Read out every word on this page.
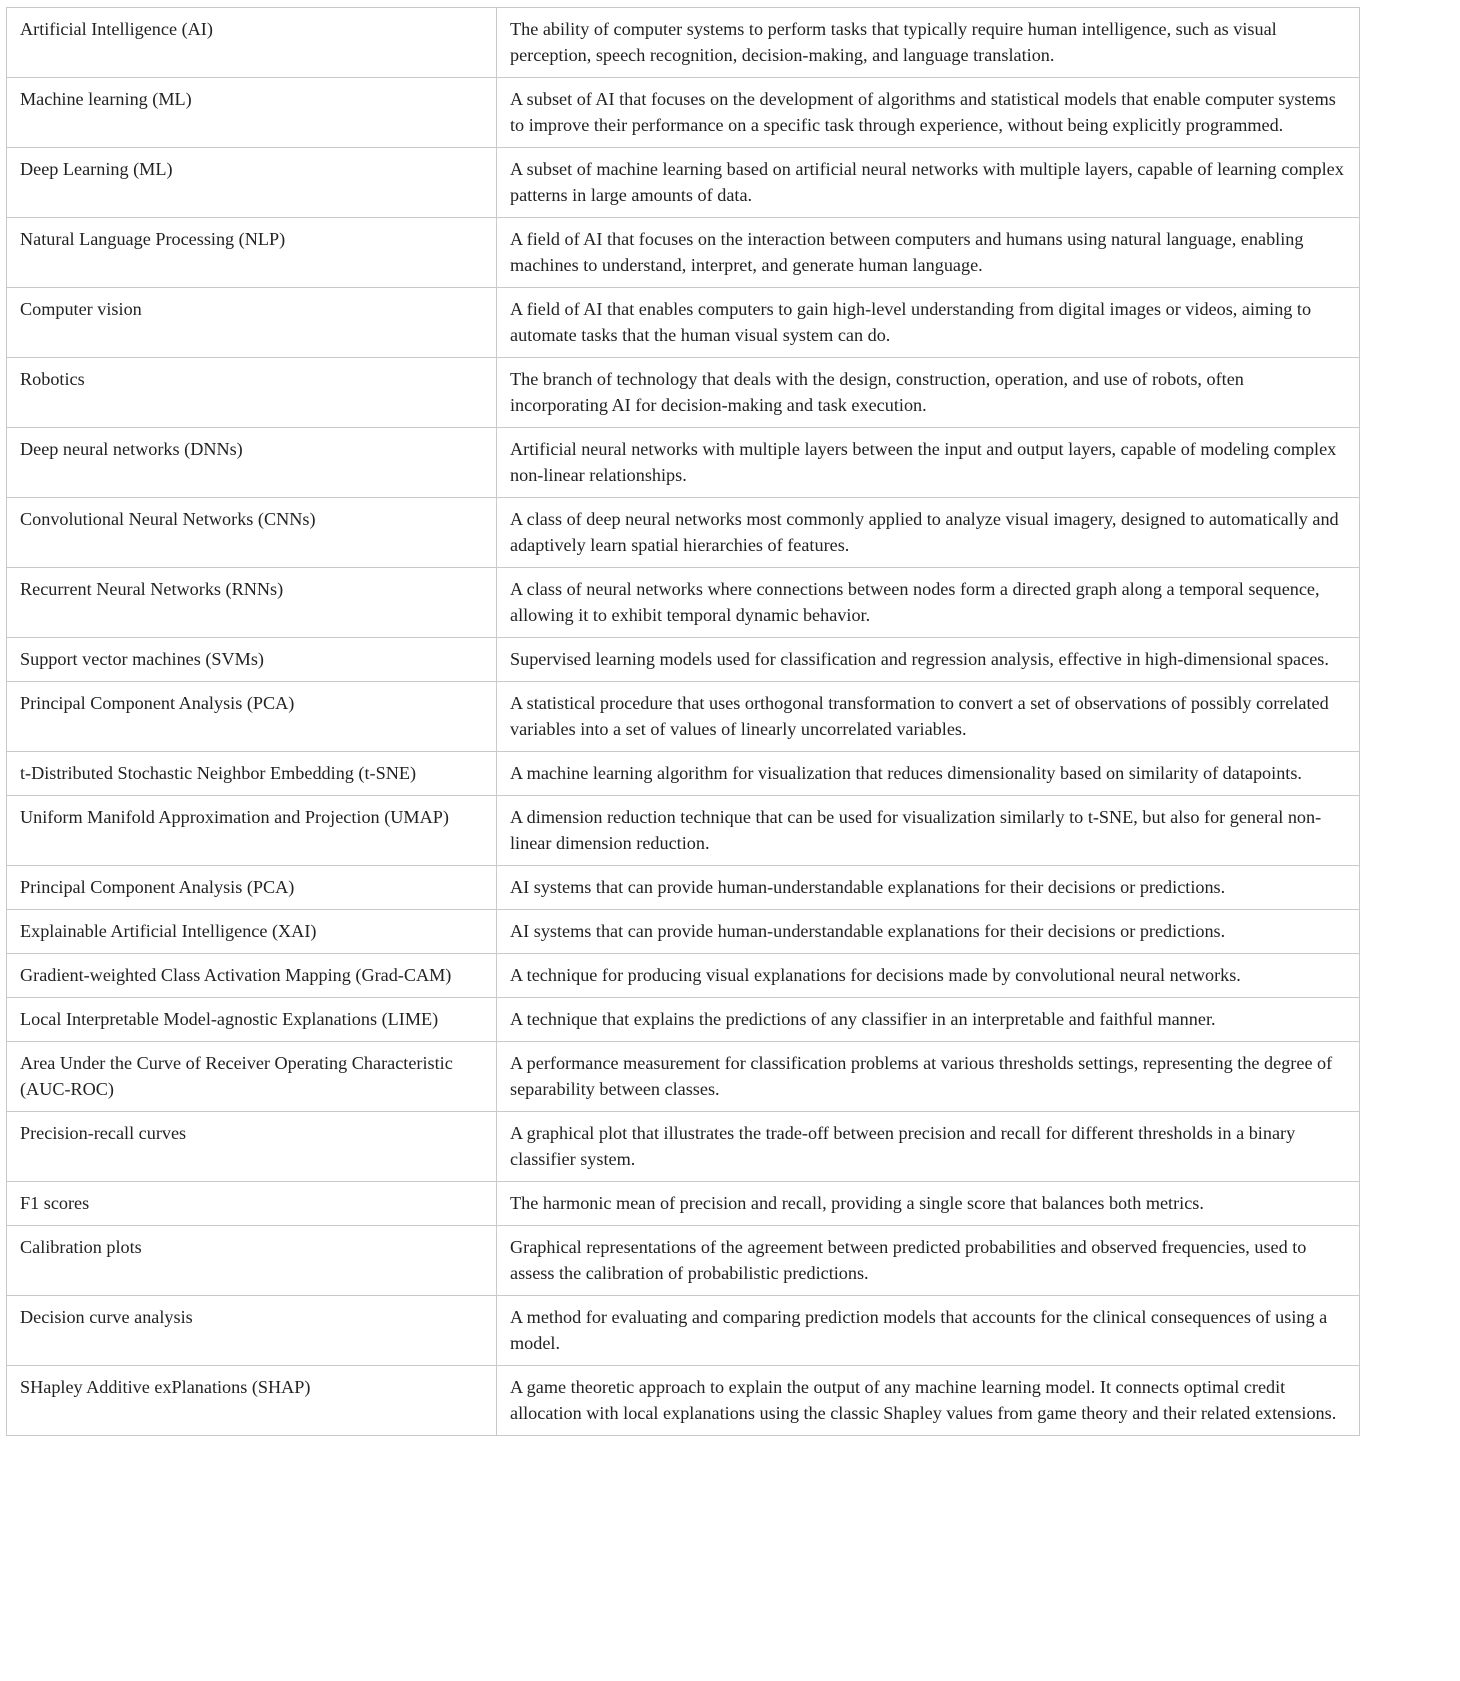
Artificial Intelligence (AI)	The ability of computer systems to perform tasks that typically require human intelligence, such as visual perception, speech recognition, decision-making, and language translation.
Machine learning (ML)	A subset of AI that focuses on the development of algorithms and statistical models that enable computer systems to improve their performance on a specific task through experience, without being explicitly programmed.
Deep Learning (ML)	A subset of machine learning based on artificial neural networks with multiple layers, capable of learning complex patterns in large amounts of data.
Natural Language Processing (NLP)	A field of AI that focuses on the interaction between computers and humans using natural language, enabling machines to understand, interpret, and generate human language.
Computer vision	A field of AI that enables computers to gain high-level understanding from digital images or videos, aiming to automate tasks that the human visual system can do.
Robotics	The branch of technology that deals with the design, construction, operation, and use of robots, often incorporating AI for decision-making and task execution.
Deep neural networks (DNNs)	Artificial neural networks with multiple layers between the input and output layers, capable of modeling complex non-linear relationships.
Convolutional Neural Networks (CNNs)	A class of deep neural networks most commonly applied to analyze visual imagery, designed to automatically and adaptively learn spatial hierarchies of features.
Recurrent Neural Networks (RNNs)	A class of neural networks where connections between nodes form a directed graph along a temporal sequence, allowing it to exhibit temporal dynamic behavior.
Support vector machines (SVMs)	Supervised learning models used for classification and regression analysis, effective in high-dimensional spaces.
Principal Component Analysis (PCA)	A statistical procedure that uses orthogonal transformation to convert a set of observations of possibly correlated variables into a set of values of linearly uncorrelated variables.
t-Distributed Stochastic Neighbor Embedding (t-SNE)	A machine learning algorithm for visualization that reduces dimensionality based on similarity of datapoints.
Uniform Manifold Approximation and Projection (UMAP)	A dimension reduction technique that can be used for visualization similarly to t-SNE, but also for general non-linear dimension reduction.
Principal Component Analysis (PCA)	AI systems that can provide human-understandable explanations for their decisions or predictions.
Explainable Artificial Intelligence (XAI)	AI systems that can provide human-understandable explanations for their decisions or predictions.
Gradient-weighted Class Activation Mapping (Grad-CAM)	A technique for producing visual explanations for decisions made by convolutional neural networks.
Local Interpretable Model-agnostic Explanations (LIME)	A technique that explains the predictions of any classifier in an interpretable and faithful manner.
Area Under the Curve of Receiver Operating Characteristic (AUC-ROC)	A performance measurement for classification problems at various thresholds settings, representing the degree of separability between classes.
Precision-recall curves	A graphical plot that illustrates the trade-off between precision and recall for different thresholds in a binary classifier system.
F1 scores	The harmonic mean of precision and recall, providing a single score that balances both metrics.
Calibration plots	Graphical representations of the agreement between predicted probabilities and observed frequencies, used to assess the calibration of probabilistic predictions.
Decision curve analysis	A method for evaluating and comparing prediction models that accounts for the clinical consequences of using a model.
SHapley Additive exPlanations (SHAP)	A game theoretic approach to explain the output of any machine learning model. It connects optimal credit allocation with local explanations using the classic Shapley values from game theory and their related extensions.
